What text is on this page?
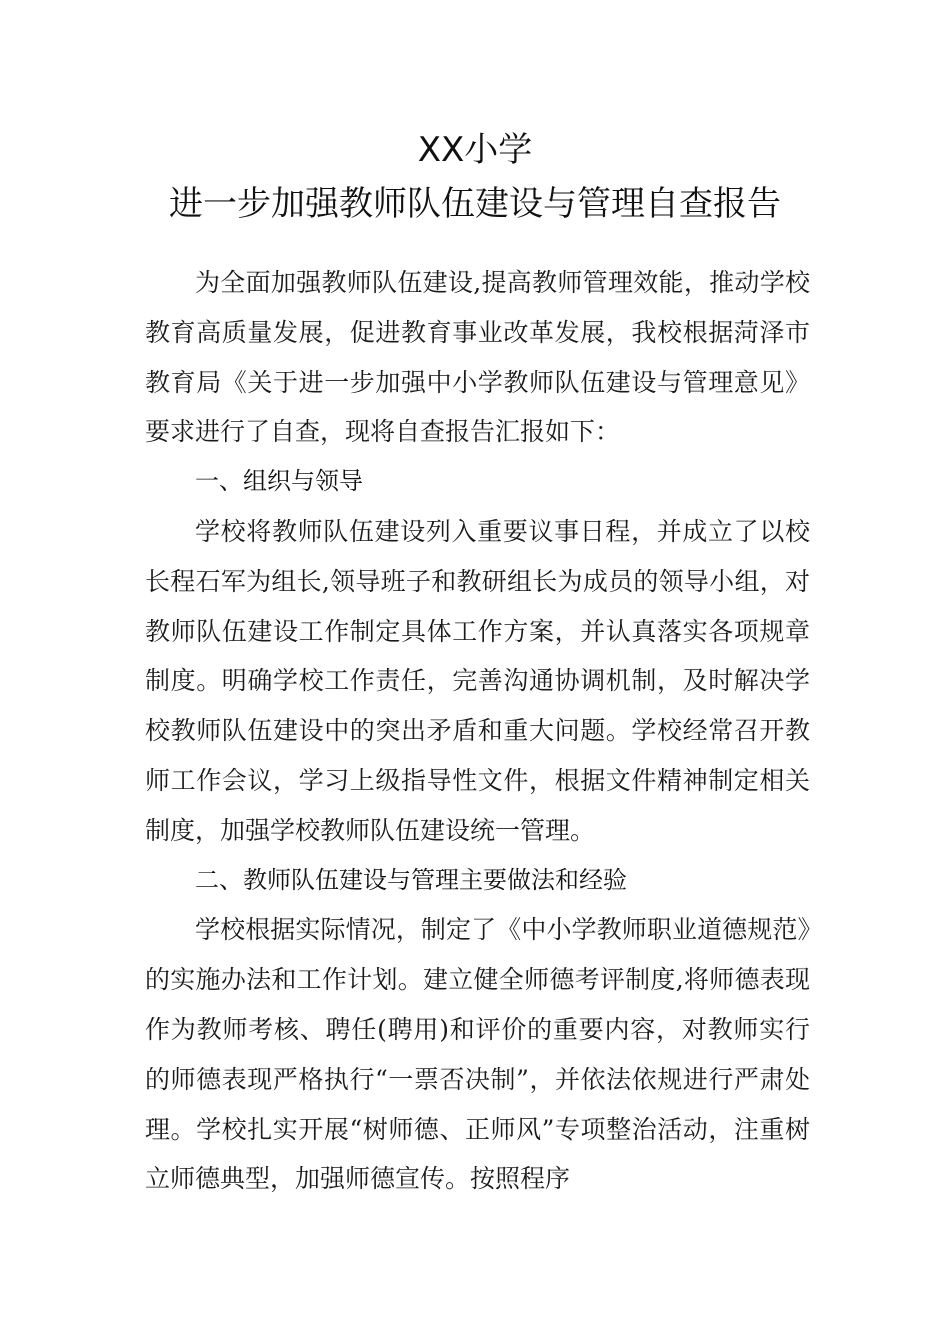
XX小学
进一步加强教师队伍建设与管理自查报告

为全面加强教师队伍建设,提高教师管理效能，推动学校教育高质量发展，促进教育事业改革发展，我校根据菏泽市教育局《关于进一步加强中小学教师队伍建设与管理意见》要求进行了自查，现将自查报告汇报如下：

一、组织与领导

学校将教师队伍建设列入重要议事日程，并成立了以校长程石军为组长,领导班子和教研组长为成员的领导小组，对教师队伍建设工作制定具体工作方案，并认真落实各项规章制度。明确学校工作责任，完善沟通协调机制，及时解决学校教师队伍建设中的突出矛盾和重大问题。学校经常召开教师工作会议，学习上级指导性文件，根据文件精神制定相关制度，加强学校教师队伍建设统一管理。

二、教师队伍建设与管理主要做法和经验

学校根据实际情况，制定了《中小学教师职业道德规范》的实施办法和工作计划。建立健全师德考评制度,将师德表现作为教师考核、聘任(聘用)和评价的重要内容，对教师实行的师德表现严格执行“一票否决制”，并依法依规进行严肃处理。学校扎实开展“树师德、正师风”专项整治活动，注重树立师德典型，加强师德宣传。按照程序
